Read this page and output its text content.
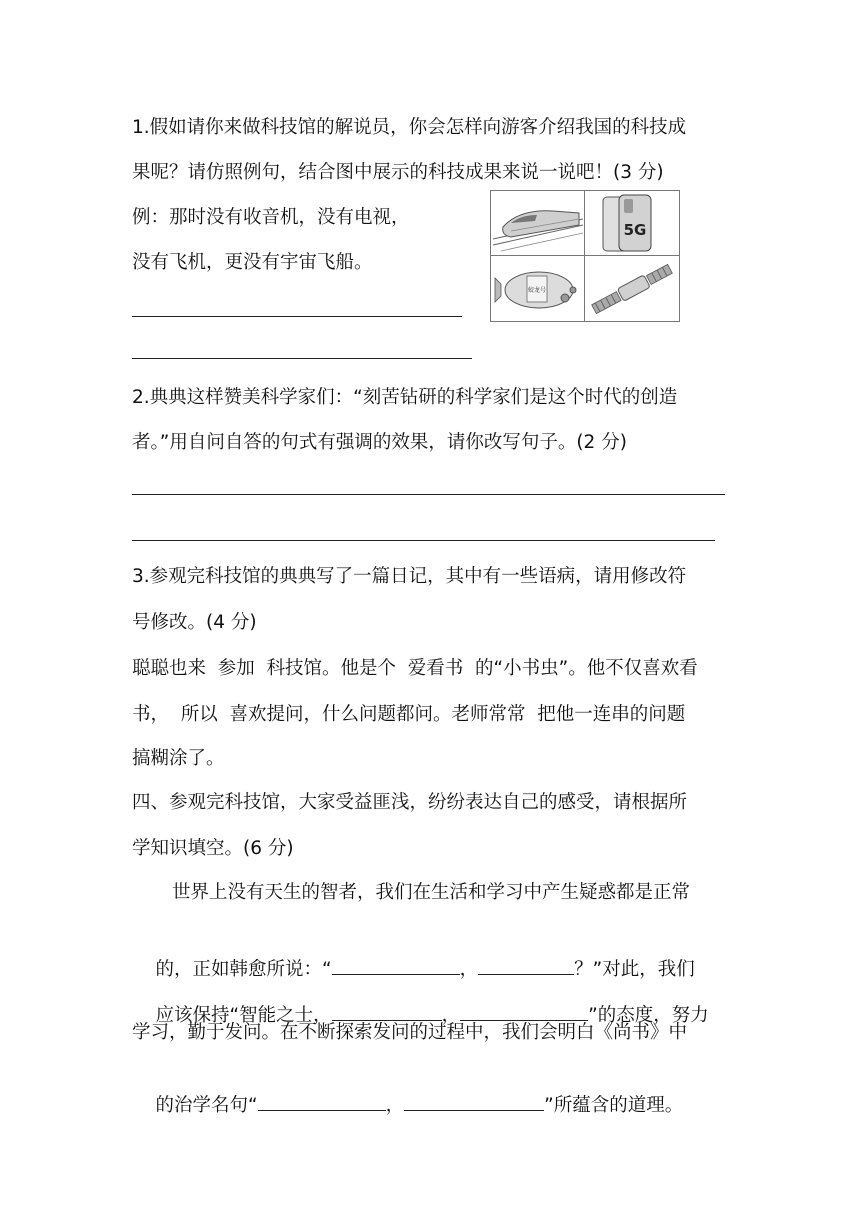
1.假如请你来做科技馆的解说员，你会怎样向游客介绍我国的科技成
果呢？请仿照例句，结合图中展示的科技成果来说一说吧！(3 分)
例：那时没有收音机，没有电视，
没有飞机，更没有宇宙飞船。
5G
蛟龙号
2.典典这样赞美科学家们：“刻苦钻研的科学家们是这个时代的创造
者。”用自问自答的句式有强调的效果，请你改写句子。(2 分)
3.参观完科技馆的典典写了一篇日记，其中有一些语病，请用修改符
号修改。(4 分)
聪聪也来  参加  科技馆。他是个  爱看书  的“小书虫”。他不仅喜欢看
书，  所以  喜欢提问，什么问题都问。老师常常  把他一连串的问题
搞糊涂了。
四、参观完科技馆，大家受益匪浅，纷纷表达自己的感受，请根据所
学知识填空。(6 分)
世界上没有天生的智者，我们在生活和学习中产生疑惑都是正常

的，正如韩愈所说：“	，	？”对此，我们

应该保持“智能之士，	，	”的态度，努力

学习，勤于发问。在不断探索发问的过程中，我们会明白《尚书》中

的治学名句“	，	”所蕴含的道理。
